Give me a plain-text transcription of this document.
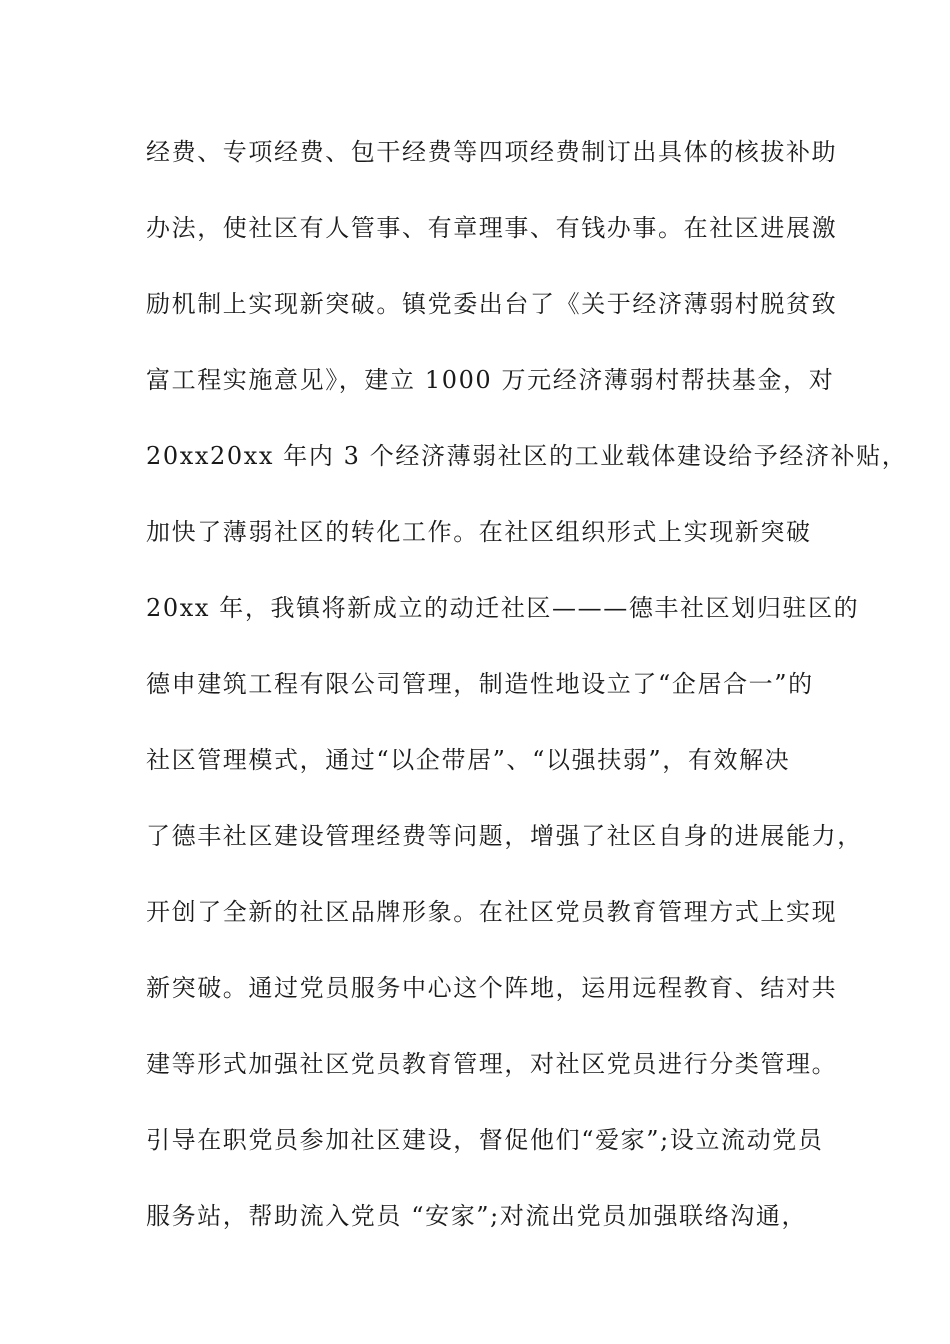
经费、专项经费、包干经费等四项经费制订出具体的核拔补助
办法，使社区有人管事、有章理事、有钱办事。在社区进展激
励机制上实现新突破。镇党委出台了《关于经济薄弱村脱贫致
富工程实施意见》，建立 1000 万元经济薄弱村帮扶基金，对
20xx20xx 年内 3 个经济薄弱社区的工业载体建设给予经济补贴，
加快了薄弱社区的转化工作。在社区组织形式上实现新突破
20xx 年，我镇将新成立的动迁社区———德丰社区划归驻区的
德申建筑工程有限公司管理，制造性地设立了“企居合一”的
社区管理模式，通过“以企带居”、“以强扶弱”，有效解决
了德丰社区建设管理经费等问题，增强了社区自身的进展能力，
开创了全新的社区品牌形象。在社区党员教育管理方式上实现
新突破。通过党员服务中心这个阵地，运用远程教育、结对共
建等形式加强社区党员教育管理，对社区党员进行分类管理。
引导在职党员参加社区建设，督促他们“爱家”;设立流动党员
服务站，帮助流入党员 “安家”;对流出党员加强联络沟通，
